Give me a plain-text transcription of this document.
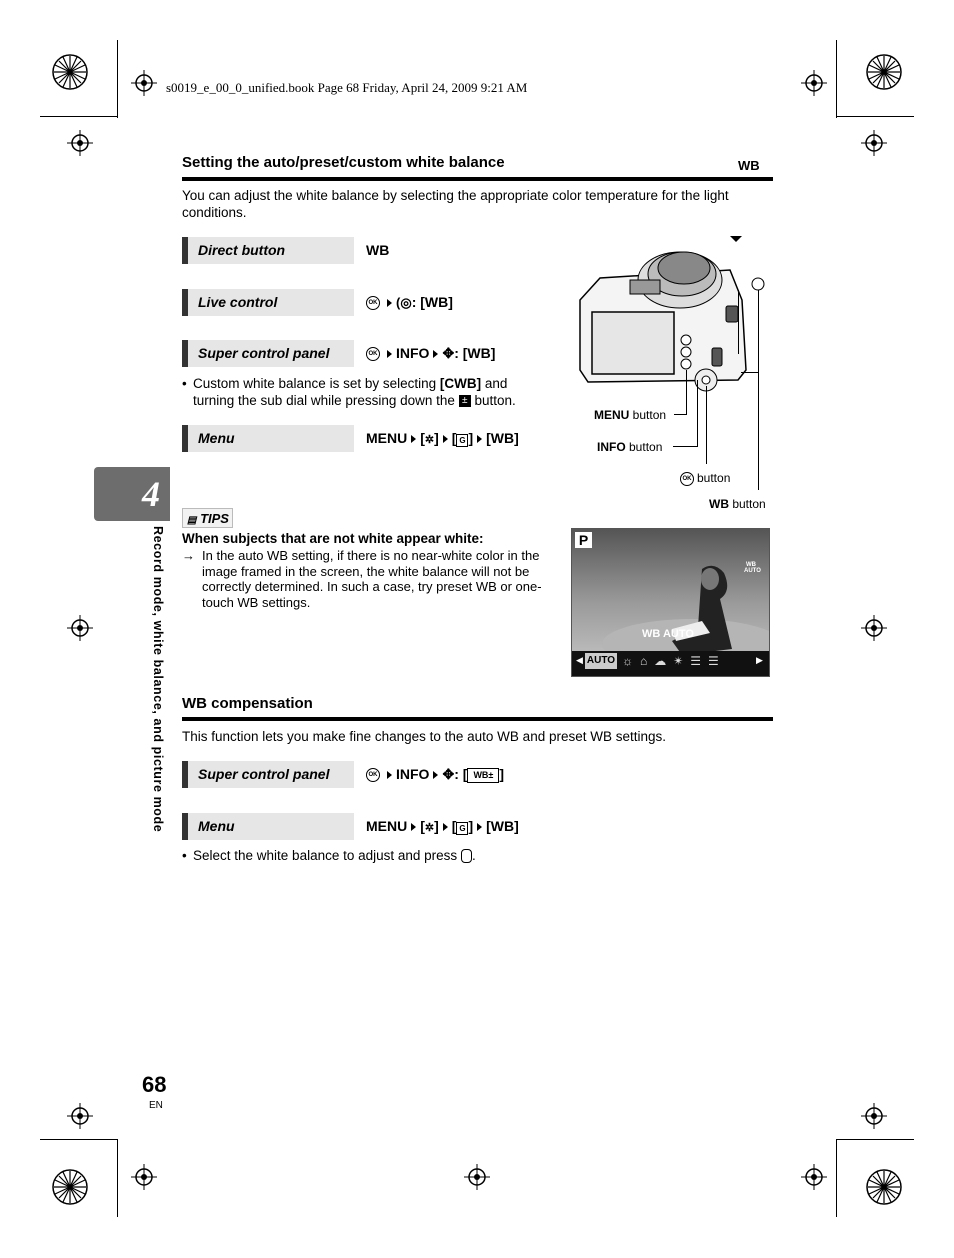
s0019_e_00_0_unified.book Page 68 Friday, April 24, 2009 9:21 AM
Setting the auto/preset/custom white balance	WB
You can adjust the white balance by selecting the appropriate color temperature for the light conditions.
Direct button	WB
Live control	OK (◎: [WB]
Super control panel	OK INFO ✥: [WB]
• Custom white balance is set by selecting [CWB] and turning the sub dial while pressing down the ± button.
Menu	MENU [✲] [ G ] [WB]
MENU button
INFO button
OK button
WB button
4
Record mode, white balance, and picture mode
▤ TIPS
When subjects that are not white appear white:
→ In the auto WB setting, if there is no near-white color in the image framed in the screen, the white balance will not be correctly determined. In such a case, try preset WB or one-touch WB settings.
P
WB
AUTO
WB AUTO
◀ AUTO ☼⌂☁✴☰☰	▶
WB compensation
This function lets you make fine changes to the auto WB and preset WB settings.
Super control panel	OK INFO ✥: [ WB± ]
Menu	MENU [✲] [ G ] [WB]
• Select the white balance to adjust and press .
68
EN
